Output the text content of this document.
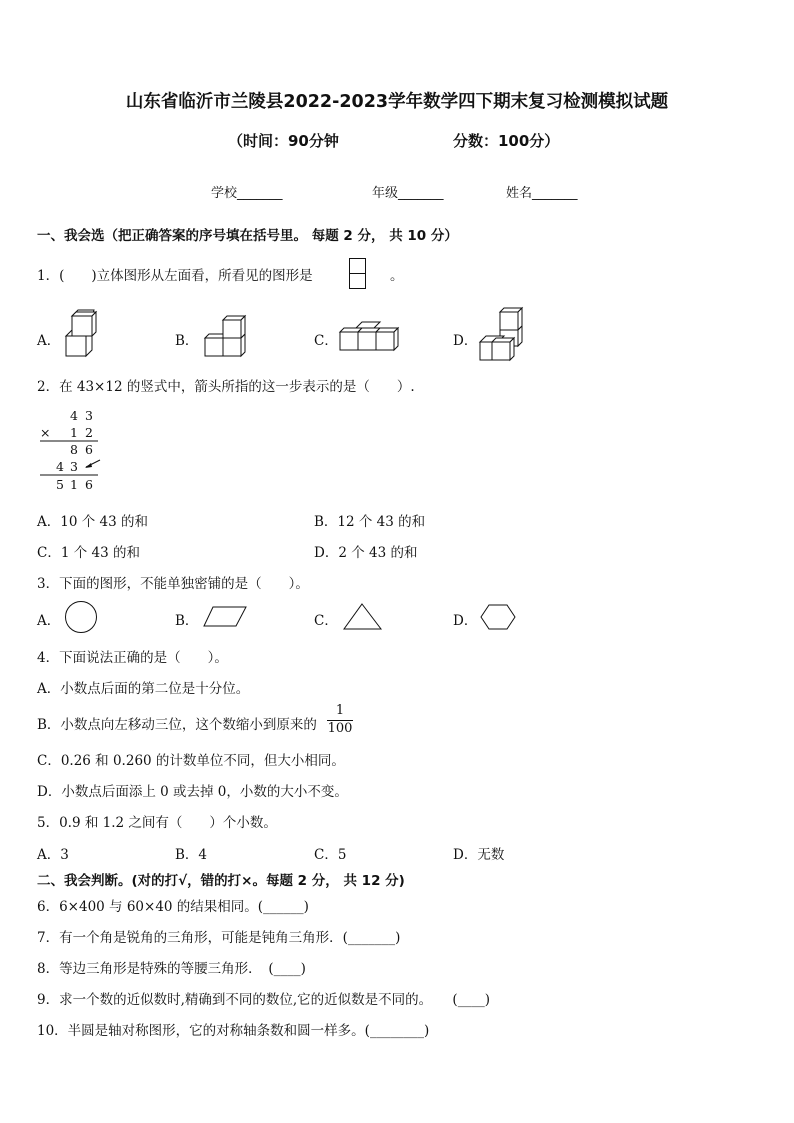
山东省临沂市兰陵县2022-2023学年数学四下期末复习检测模拟试题
（时间：90分钟	分数：100分）
学校_______	年级_______	姓名_______
一、我会选（把正确答案的序号填在括号里。 每题 2 分， 共 10 分）
1．(　　)立体图形从左面看，所看见的图形是	。
A．	B．	C．	D．
2．在 43×12 的竖式中，箭头所指的这一步表示的是（　　）.
4 3
× 1 2
8 6
4 3
5 1 6
A．10 个 43 的和	B．12 个 43 的和
C．1 个 43 的和	D．2 个 43 的和
3．下面的图形，不能单独密铺的是（　　）。
A．	B．	C．	D．
4．下面说法正确的是（　　）。
A．小数点后面的第二位是十分位。
B．小数点向左移动三位，这个数缩小到原来的
1
100
C．0.26 和 0.260 的计数单位不同，但大小相同。
D．小数点后面添上 0 或去掉 0，小数的大小不变。
5．0.9 和 1.2 之间有（　　）个小数。
A．3	B．4	C．5	D．无数
二、我会判断。(对的打√，错的打×。每题 2 分， 共 12 分)
6．6×400 与 60×40 的结果相同。(______)
7．有一个角是锐角的三角形，可能是钝角三角形．(_______)
8．等边三角形是特殊的等腰三角形．　(____)
9．求一个数的近似数时,精确到不同的数位,它的近似数是不同的。　　(____)
10．半圆是轴对称图形，它的对称轴条数和圆一样多。(________)
